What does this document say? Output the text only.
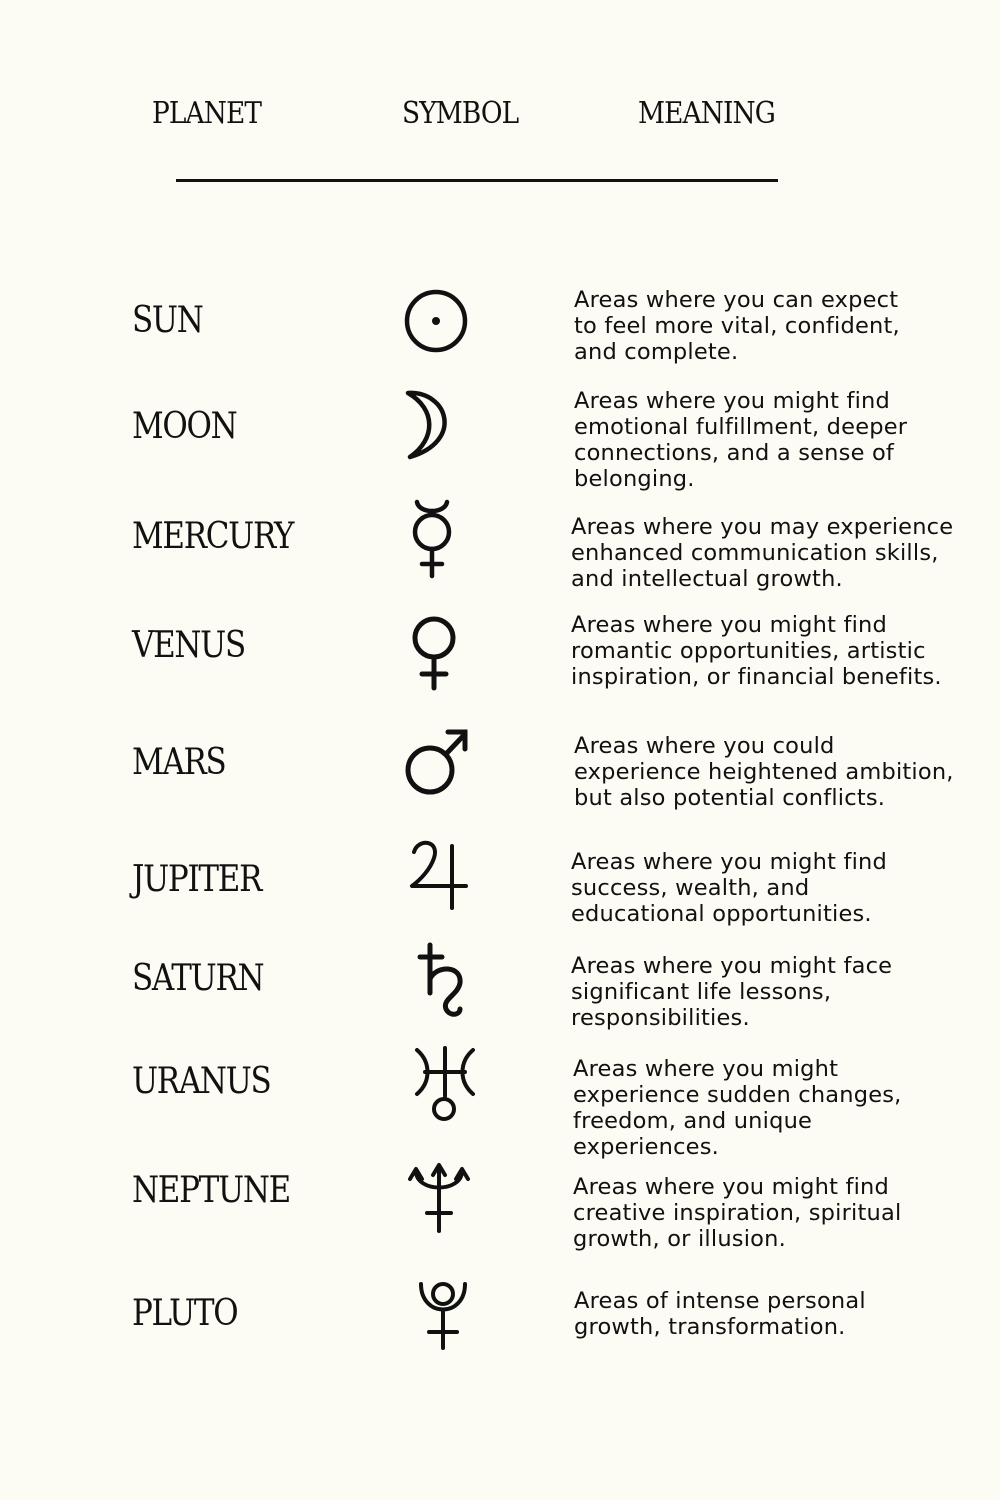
PLANET	SYMBOL	MEANING
SUN	Areas where you can expect
to feel more vital, confident,
and complete.
MOON
Areas where you might find
emotional fulfillment, deeper
connections, and a sense of
belonging.
MERCURY	Areas where you may experience
enhanced communication skills,
and intellectual growth.
VENUS	Areas where you might find
romantic opportunities, artistic
inspiration, or financial benefits.
MARS	Areas where you could
experience heightened ambition,
but also potential conflicts.
JUPITER	Areas where you might find
success, wealth, and
educational opportunities.
SATURN	Areas where you might face
significant life lessons,
responsibilities.
URANUS	Areas where you might
experience sudden changes,
freedom, and unique
experiences.
NEPTUNE	Areas where you might find
creative inspiration, spiritual
growth, or illusion.
PLUTO	Areas of intense personal
growth, transformation.
